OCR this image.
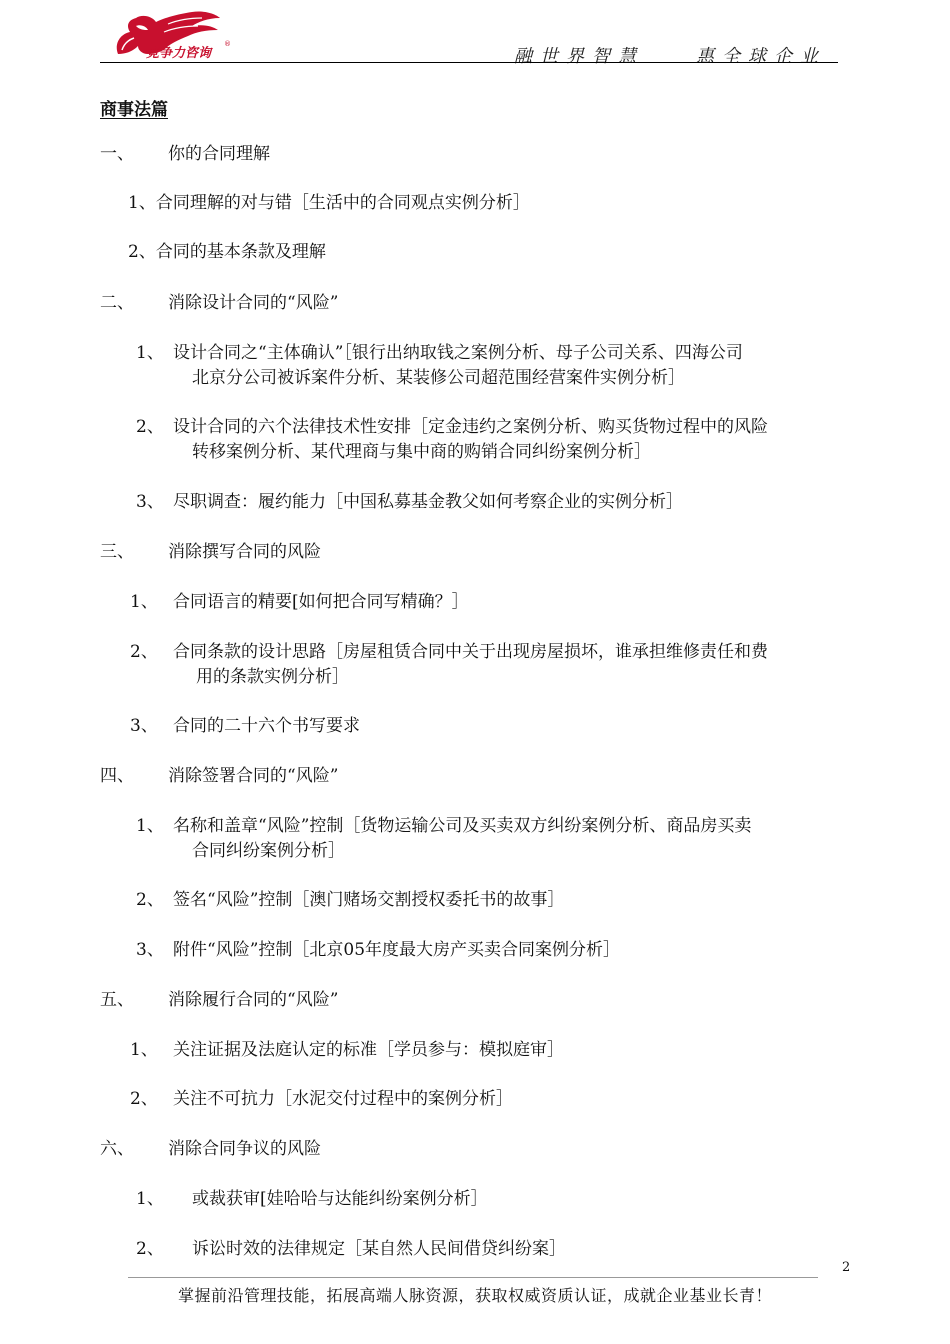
竞争力咨询
®
融世界智慧	惠全球企业
商事法篇
一、 你的合同理解
1、合同理解的对与错［生活中的合同观点实例分析］
2、合同的基本条款及理解
二、 消除设计合同的“风险”
1、 设计合同之“主体确认”［银行出纳取钱之案例分析、母子公司关系、四海公司
北京分公司被诉案件分析、某装修公司超范围经营案件实例分析］
2、 设计合同的六个法律技术性安排［定金违约之案例分析、购买货物过程中的风险
转移案例分析、某代理商与集中商的购销合同纠纷案例分析］
3、 尽职调查：履约能力［中国私募基金教父如何考察企业的实例分析］
三、 消除撰写合同的风险
1、 合同语言的精要[如何把合同写精确？］
2、 合同条款的设计思路［房屋租赁合同中关于出现房屋损坏，谁承担维修责任和费
用的条款实例分析］
3、 合同的二十六个书写要求
四、 消除签署合同的“风险”
1、 名称和盖章“风险”控制［货物运输公司及买卖双方纠纷案例分析、商品房买卖
合同纠纷案例分析］
2、 签名“风险”控制［澳门赌场交割授权委托书的故事］
3、 附件“风险”控制［北京05年度最大房产买卖合同案例分析］
五、 消除履行合同的“风险”
1、 关注证据及法庭认定的标准［学员参与：模拟庭审］
2、 关注不可抗力［水泥交付过程中的案例分析］
六、 消除合同争议的风险
1、 或裁获审[娃哈哈与达能纠纷案例分析］
2、 诉讼时效的法律规定［某自然人民间借贷纠纷案］
2
掌握前沿管理技能，拓展高端人脉资源，获取权威资质认证，成就企业基业长青！
